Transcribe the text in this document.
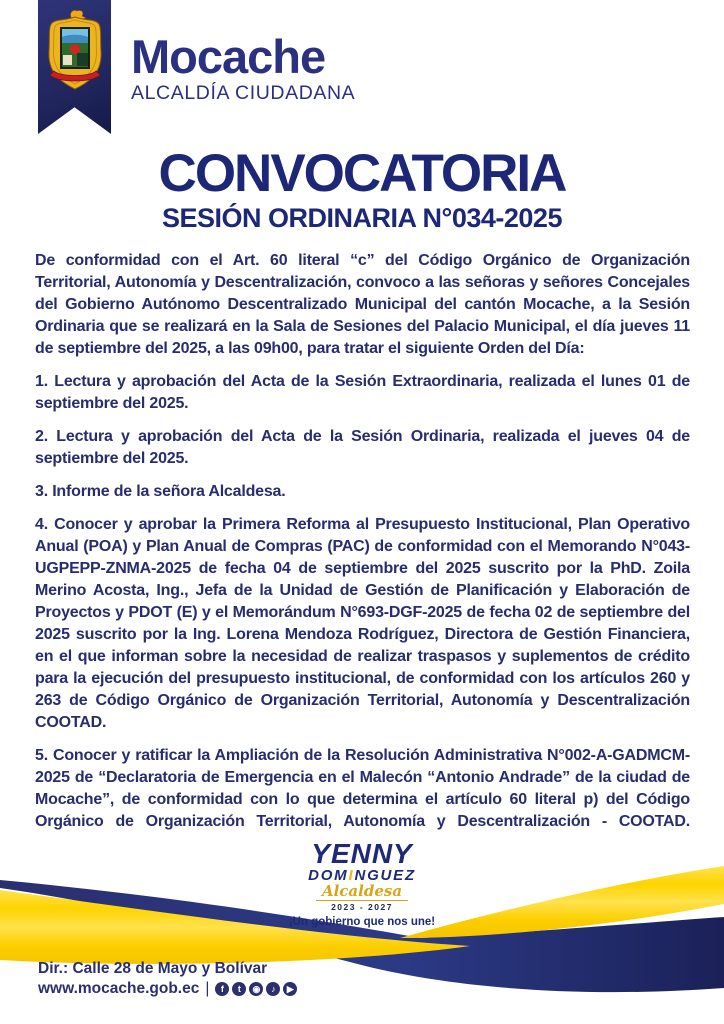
Mocache
ALCALDÍA CIUDADANA
CONVOCATORIA
SESIÓN ORDINARIA N°034-2025

De conformidad con el Art. 60 literal “c” del Código Orgánico de Organización Territorial, Autonomía y Descentralización, convoco a las señoras y señores Concejales del Gobierno Autónomo Descentralizado Municipal del cantón Mocache, a la Sesión Ordinaria que se realizará en la Sala de Sesiones del Palacio Municipal, el día jueves 11 de septiembre del 2025, a las 09h00, para tratar el siguiente Orden del Día:

1. Lectura y aprobación del Acta de la Sesión Extraordinaria, realizada el lunes 01 de septiembre del 2025.

2. Lectura y aprobación del Acta de la Sesión Ordinaria, realizada el jueves 04 de septiembre del 2025.

3. Informe de la señora Alcaldesa.

4. Conocer y aprobar la Primera Reforma al Presupuesto Institucional, Plan Operativo Anual (POA) y Plan Anual de Compras (PAC) de conformidad con el Memorando N°043-UGPEPP-ZNMA-2025 de fecha 04 de septiembre del 2025 suscrito por la PhD. Zoila Merino Acosta, Ing., Jefa de la Unidad de Gestión de Planificación y Elaboración de Proyectos y PDOT (E) y el Memorándum N°693-DGF-2025 de fecha 02 de septiembre del 2025 suscrito por la Ing. Lorena Mendoza Rodríguez, Directora de Gestión Financiera, en el que informan sobre la necesidad de realizar traspasos y suplementos de crédito para la ejecución del presupuesto institucional, de conformidad con los artículos 260 y 263 de Código Orgánico de Organización Territorial, Autonomía y Descentralización COOTAD.

5. Conocer y ratificar la Ampliación de la Resolución Administrativa N°002-A-GADMCM-2025 de “Declaratoria de Emergencia en el Malecón “Antonio Andrade” de la ciudad de Mocache”, de conformidad con lo que determina el artículo 60 literal p) del Código Orgánico de Organización Territorial, Autonomía y Descentralización - COOTAD.

YENNY
DOMINGUEZ
Alcaldesa
2023 - 2027
¡Un gobierno que nos une!
Dir.: Calle 28 de Mayo y Bolívar
www.mocache.gob.ec |	f	t	◉	♪	▶
